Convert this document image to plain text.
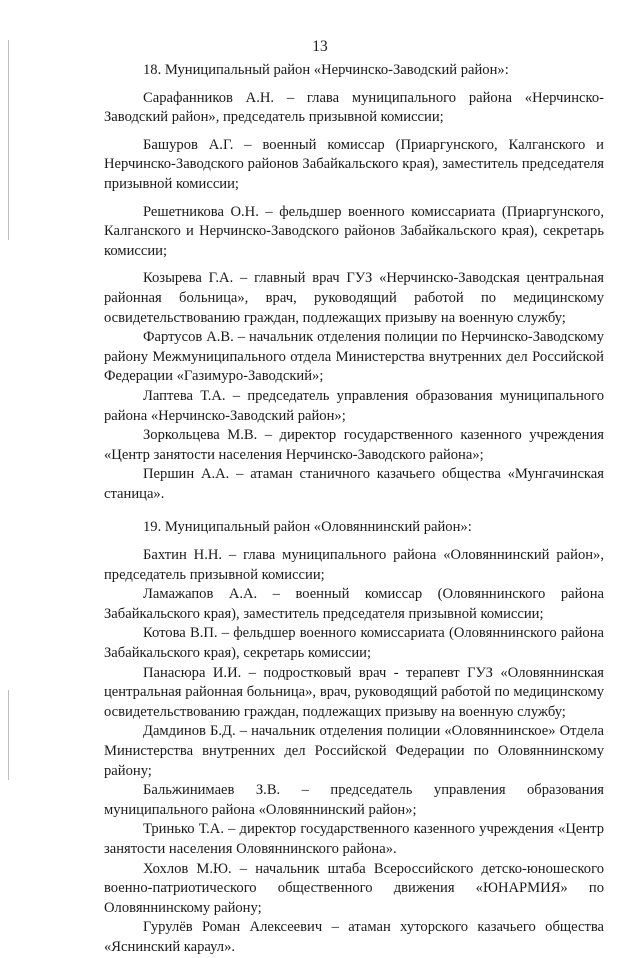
13

18. Муниципальный район «Нерчинско-Заводский район»:

Сарафанников А.Н. – глава муниципального района «Нерчинско-Заводский район», председатель призывной комиссии;

Башуров А.Г. – военный комиссар (Приаргунского, Калганского и Нерчинско-Заводского районов Забайкальского края), заместитель председателя призывной комиссии;

Решетникова О.Н. – фельдшер военного комиссариата (Приаргунского, Калганского и Нерчинско-Заводского районов Забайкальского края), секретарь комиссии;

Козырева Г.А. – главный врач ГУЗ «Нерчинско-Заводская центральная районная больница», врач, руководящий работой по медицинскому освидетельствованию граждан, подлежащих призыву на военную службу;

Фартусов А.В. – начальник отделения полиции по Нерчинско-Заводскому району Межмуниципального отдела Министерства внутренних дел Российской Федерации «Газимуро-Заводский»;

Лаптева Т.А. – председатель управления образования муниципального района «Нерчинско-Заводский район»;

Зоркольцева М.В. – директор государственного казенного учреждения «Центр занятости населения Нерчинско-Заводского района»;

Першин А.А. – атаман станичного казачьего общества «Мунгачинская станица».

19. Муниципальный район «Оловяннинский район»:

Бахтин Н.Н. – глава муниципального района «Оловяннинский район», председатель призывной комиссии;

Ламажапов А.А. – военный комиссар (Оловяннинского района Забайкальского края), заместитель председателя призывной комиссии;

Котова В.П. – фельдшер военного комиссариата (Оловяннинского района Забайкальского края), секретарь комиссии;

Панасюра И.И. – подростковый врач - терапевт ГУЗ «Оловяннинская центральная районная больница», врач, руководящий работой по медицинскому освидетельствованию граждан, подлежащих призыву на военную службу;

Дамдинов Б.Д. – начальник отделения полиции «Оловяннинское» Отдела Министерства внутренних дел Российской Федерации по Оловяннинскому району;

Бальжинимаев З.В. – председатель управления образования муниципального района «Оловяннинский район»;

Тринько Т.А. – директор государственного казенного учреждения «Центр занятости населения Оловяннинского района».

Хохлов М.Ю. – начальник штаба Всероссийского детско-юношеского военно-патриотического общественного движения «ЮНАРМИЯ» по Оловяннинскому району;

Гурулёв Роман Алексеевич – атаман хуторского казачьего общества «Яснинский караул».
